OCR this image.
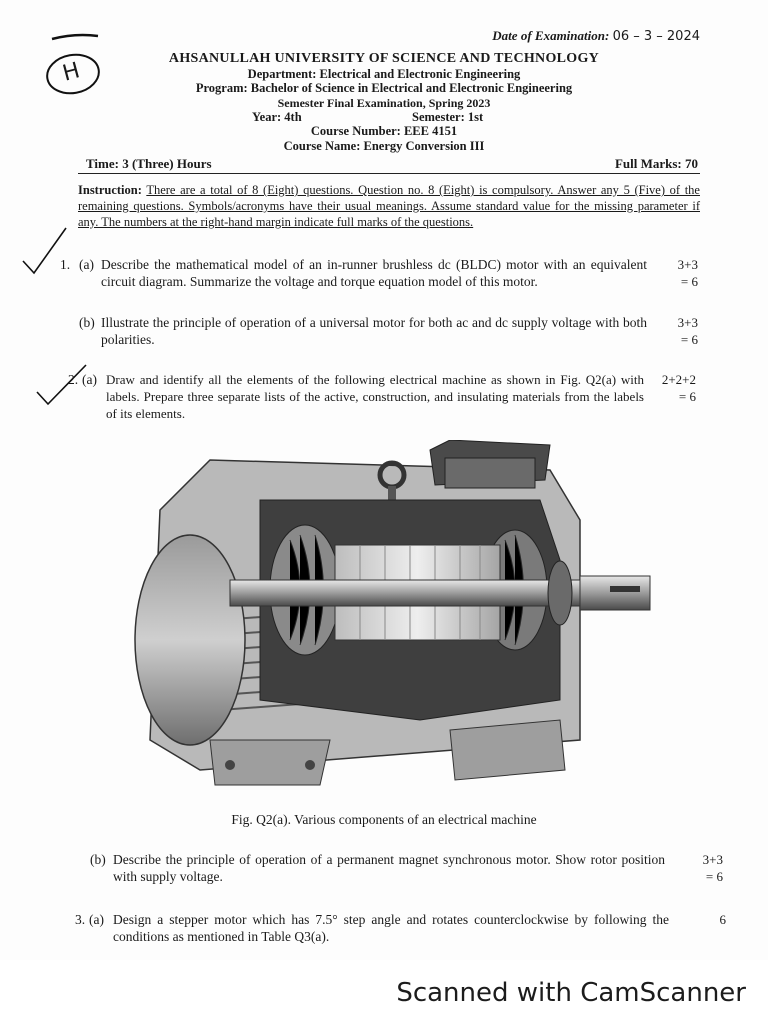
H
Date of Examination: 06 – 3 – 2024
AHSANULLAH UNIVERSITY OF SCIENCE AND TECHNOLOGY
Department: Electrical and Electronic Engineering
Program: Bachelor of Science in Electrical and Electronic Engineering
Semester Final Examination, Spring 2023
Year: 4th	Semester: 1st
Course Number: EEE 4151
Course Name: Energy Conversion III
Time: 3 (Three) Hours	Full Marks: 70
Instruction: There are a total of 8 (Eight) questions. Question no. 8 (Eight) is compulsory. Answer any 5 (Five) of the remaining questions. Symbols/acronyms have their usual meanings. Assume standard value for the missing parameter if any. The numbers at the right-hand margin indicate full marks of the questions.
1. (a) Describe the mathematical model of an in-runner brushless dc (BLDC) motor with an equivalent circuit diagram. Summarize the voltage and torque equation model of this motor.
3+3
= 6
(b) Illustrate the principle of operation of a universal motor for both ac and dc supply voltage with both polarities.
3+3
= 6
2. (a) Draw and identify all the elements of the following electrical machine as shown in Fig. Q2(a) with labels. Prepare three separate lists of the active, construction, and insulating materials from the labels of its elements.
2+2+2
= 6
Fig. Q2(a). Various components of an electrical machine
(b) Describe the principle of operation of a permanent magnet synchronous motor. Show rotor position with supply voltage.
3+3
= 6
3. (a) Design a stepper motor which has 7.5° step angle and rotates counterclockwise by following the conditions as mentioned in Table Q3(a).
6
Scanned with CamScanner
